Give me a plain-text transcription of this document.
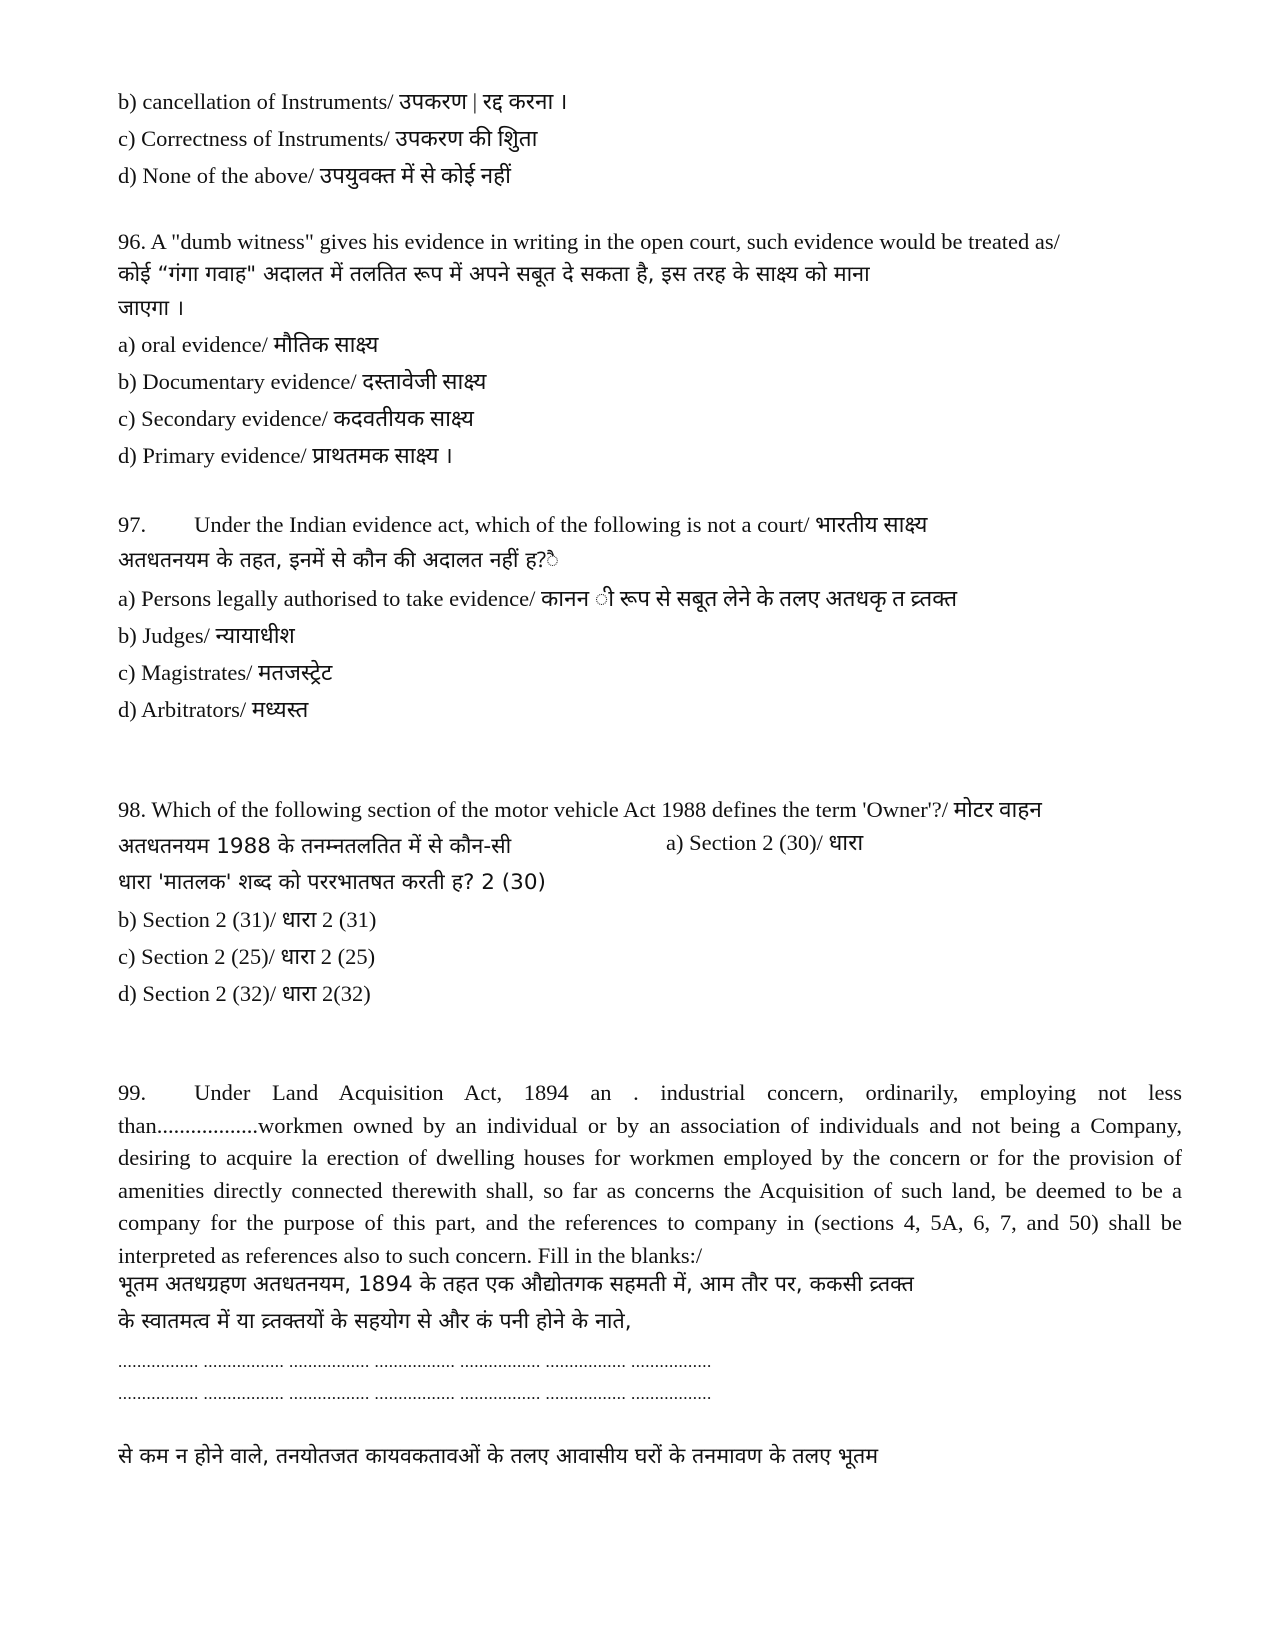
b) cancellation of Instruments/ उपकरण | रद्द करना ।
c) Correctness of Instruments/ उपकरण की शुिता
d) None of the above/ उपयुवक्त में से कोई नहीं
96. A "dumb witness" gives his evidence in writing in the open court, such evidence would be treated as/
कोई “गंगा गवाह" अदालत में तलतित रूप में अपने सबूत दे सकता है, इस तरह के साक्ष्य को माना
जाएगा ।
a) oral evidence/ मौतिक साक्ष्य
b) Documentary evidence/ दस्तावेजी साक्ष्य
c) Secondary evidence/ कदवतीयक साक्ष्य
d) Primary evidence/ प्राथतमक साक्ष्य ।
97. Under the Indian evidence act, which of the following is not a court/ भारतीय साक्ष्य
अतधतनयम के तहत, इनमें से कौन की अदालत नहीं ह?ै
a) Persons legally authorised to take evidence/ कानन ी रूप से सबूत लेने के तलए अतधकृ त व्र्तक्त
b) Judges/ न्यायाधीश
c) Magistrates/ मतजस्ट्रेट
d) Arbitrators/ मध्यस्त
98. Which of the following section of the motor vehicle Act 1988 defines the term 'Owner'?/ मोटर वाहन
अतधतनयम 1988 के तनम्नतलतित में से कौन-सी	a) Section 2 (30)/ धारा
धारा 'मातलक' शब्द को पररभातषत करती ह? 2 (30)
b) Section 2 (31)/ धारा 2 (31)
c) Section 2 (25)/ धारा 2 (25)
d) Section 2 (32)/ धारा 2(32)
99. Under Land Acquisition Act, 1894 an . industrial concern, ordinarily, employing not less than..................workmen owned by an individual or by an association of individuals and not being a Company, desiring to acquire la erection of dwelling houses for workmen employed by the concern or for the provision of amenities directly connected therewith shall, so far as concerns the Acquisition of such land, be deemed to be a company for the purpose of this part, and the references to company in (sections 4, 5A, 6, 7, and 50) shall be interpreted as references also to such concern. Fill in the blanks:/
भूतम अतधग्रहण अतधतनयम, 1894 के तहत एक औद्योतगक सहमती में, आम तौर पर, ककसी व्र्तक्त
के स्वातमत्व में या व्र्तक्तयों के सहयोग से और कं पनी होने के नाते,
................. ................. ................. ................. ................. ................. .................
................. ................. ................. ................. ................. ................. .................
से कम न होने वाले, तनयोतजत कायवकतावओं के तलए आवासीय घरों के तनमावण के तलए भूतम
